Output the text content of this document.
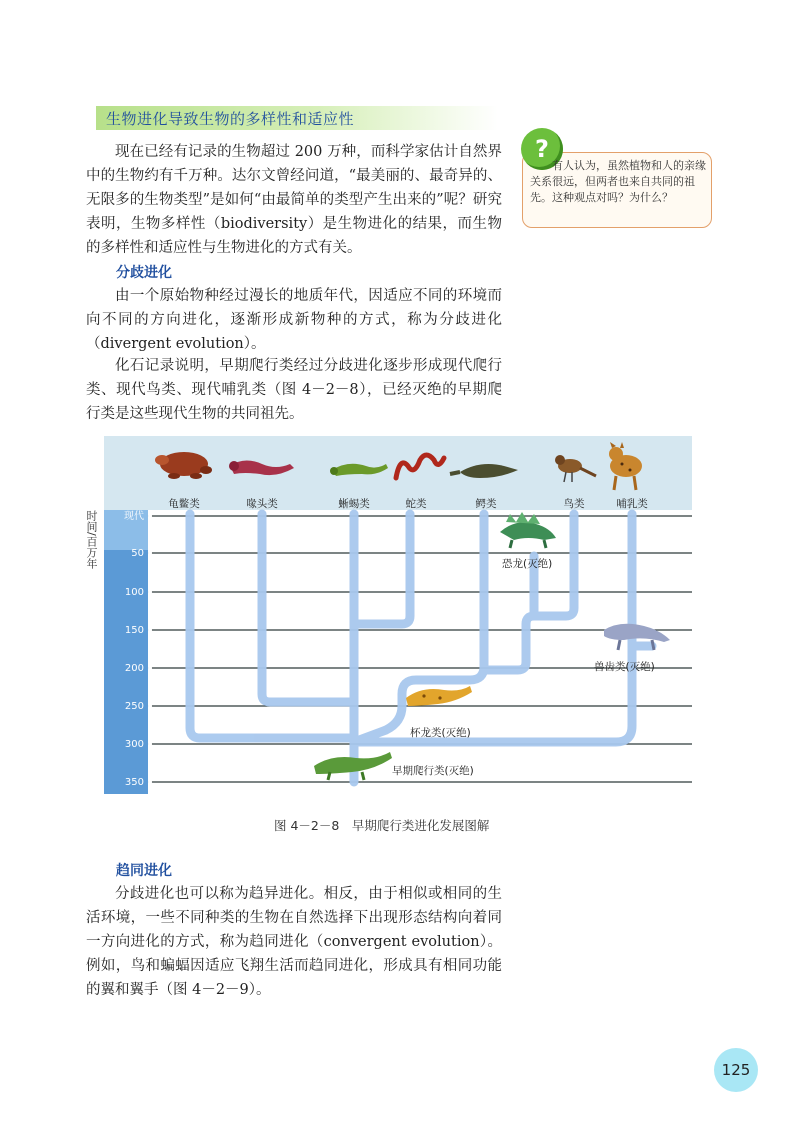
生物进化导致生物的多样性和适应性

现在已经有记录的生物超过 200 万种，而科学家估计自然界中的生物约有千万种。达尔文曾经问道，“最美丽的、最奇异的、无限多的生物类型”是如何“由最简单的类型产生出来的”呢？研究表明，生物多样性（biodiversity）是生物进化的结果，而生物的多样性和适应性与生物进化的方式有关。

分歧进化

由一个原始物种经过漫长的地质年代，因适应不同的环境而向不同的方向进化，逐渐形成新物种的方式，称为分歧进化（divergent evolution）。

化石记录说明，早期爬行类经过分歧进化逐步形成现代爬行类、现代鸟类、现代哺乳类（图 4－2－8），已经灭绝的早期爬行类是这些现代生物的共同祖先。

?

有人认为，虽然植物和人的亲缘关系很远，但两者也来自共同的祖先。这种观点对吗？为什么？

时间/百万年	现代
50
100
150
200
250
300
350
龟鳖类	喙头类	蜥蜴类	蛇类	鳄类	鸟类	哺乳类
恐龙(灭绝)
兽齿类(灭绝)
杯龙类(灭绝)
早期爬行类(灭绝)
图 4－2－8　早期爬行类进化发展图解
趋同进化

分歧进化也可以称为趋异进化。相反，由于相似或相同的生活环境，一些不同种类的生物在自然选择下出现形态结构向着同一方向进化的方式，称为趋同进化（convergent evolution）。例如，鸟和蝙蝠因适应飞翔生活而趋同进化，形成具有相同功能的翼和翼手（图 4－2－9）。

125
